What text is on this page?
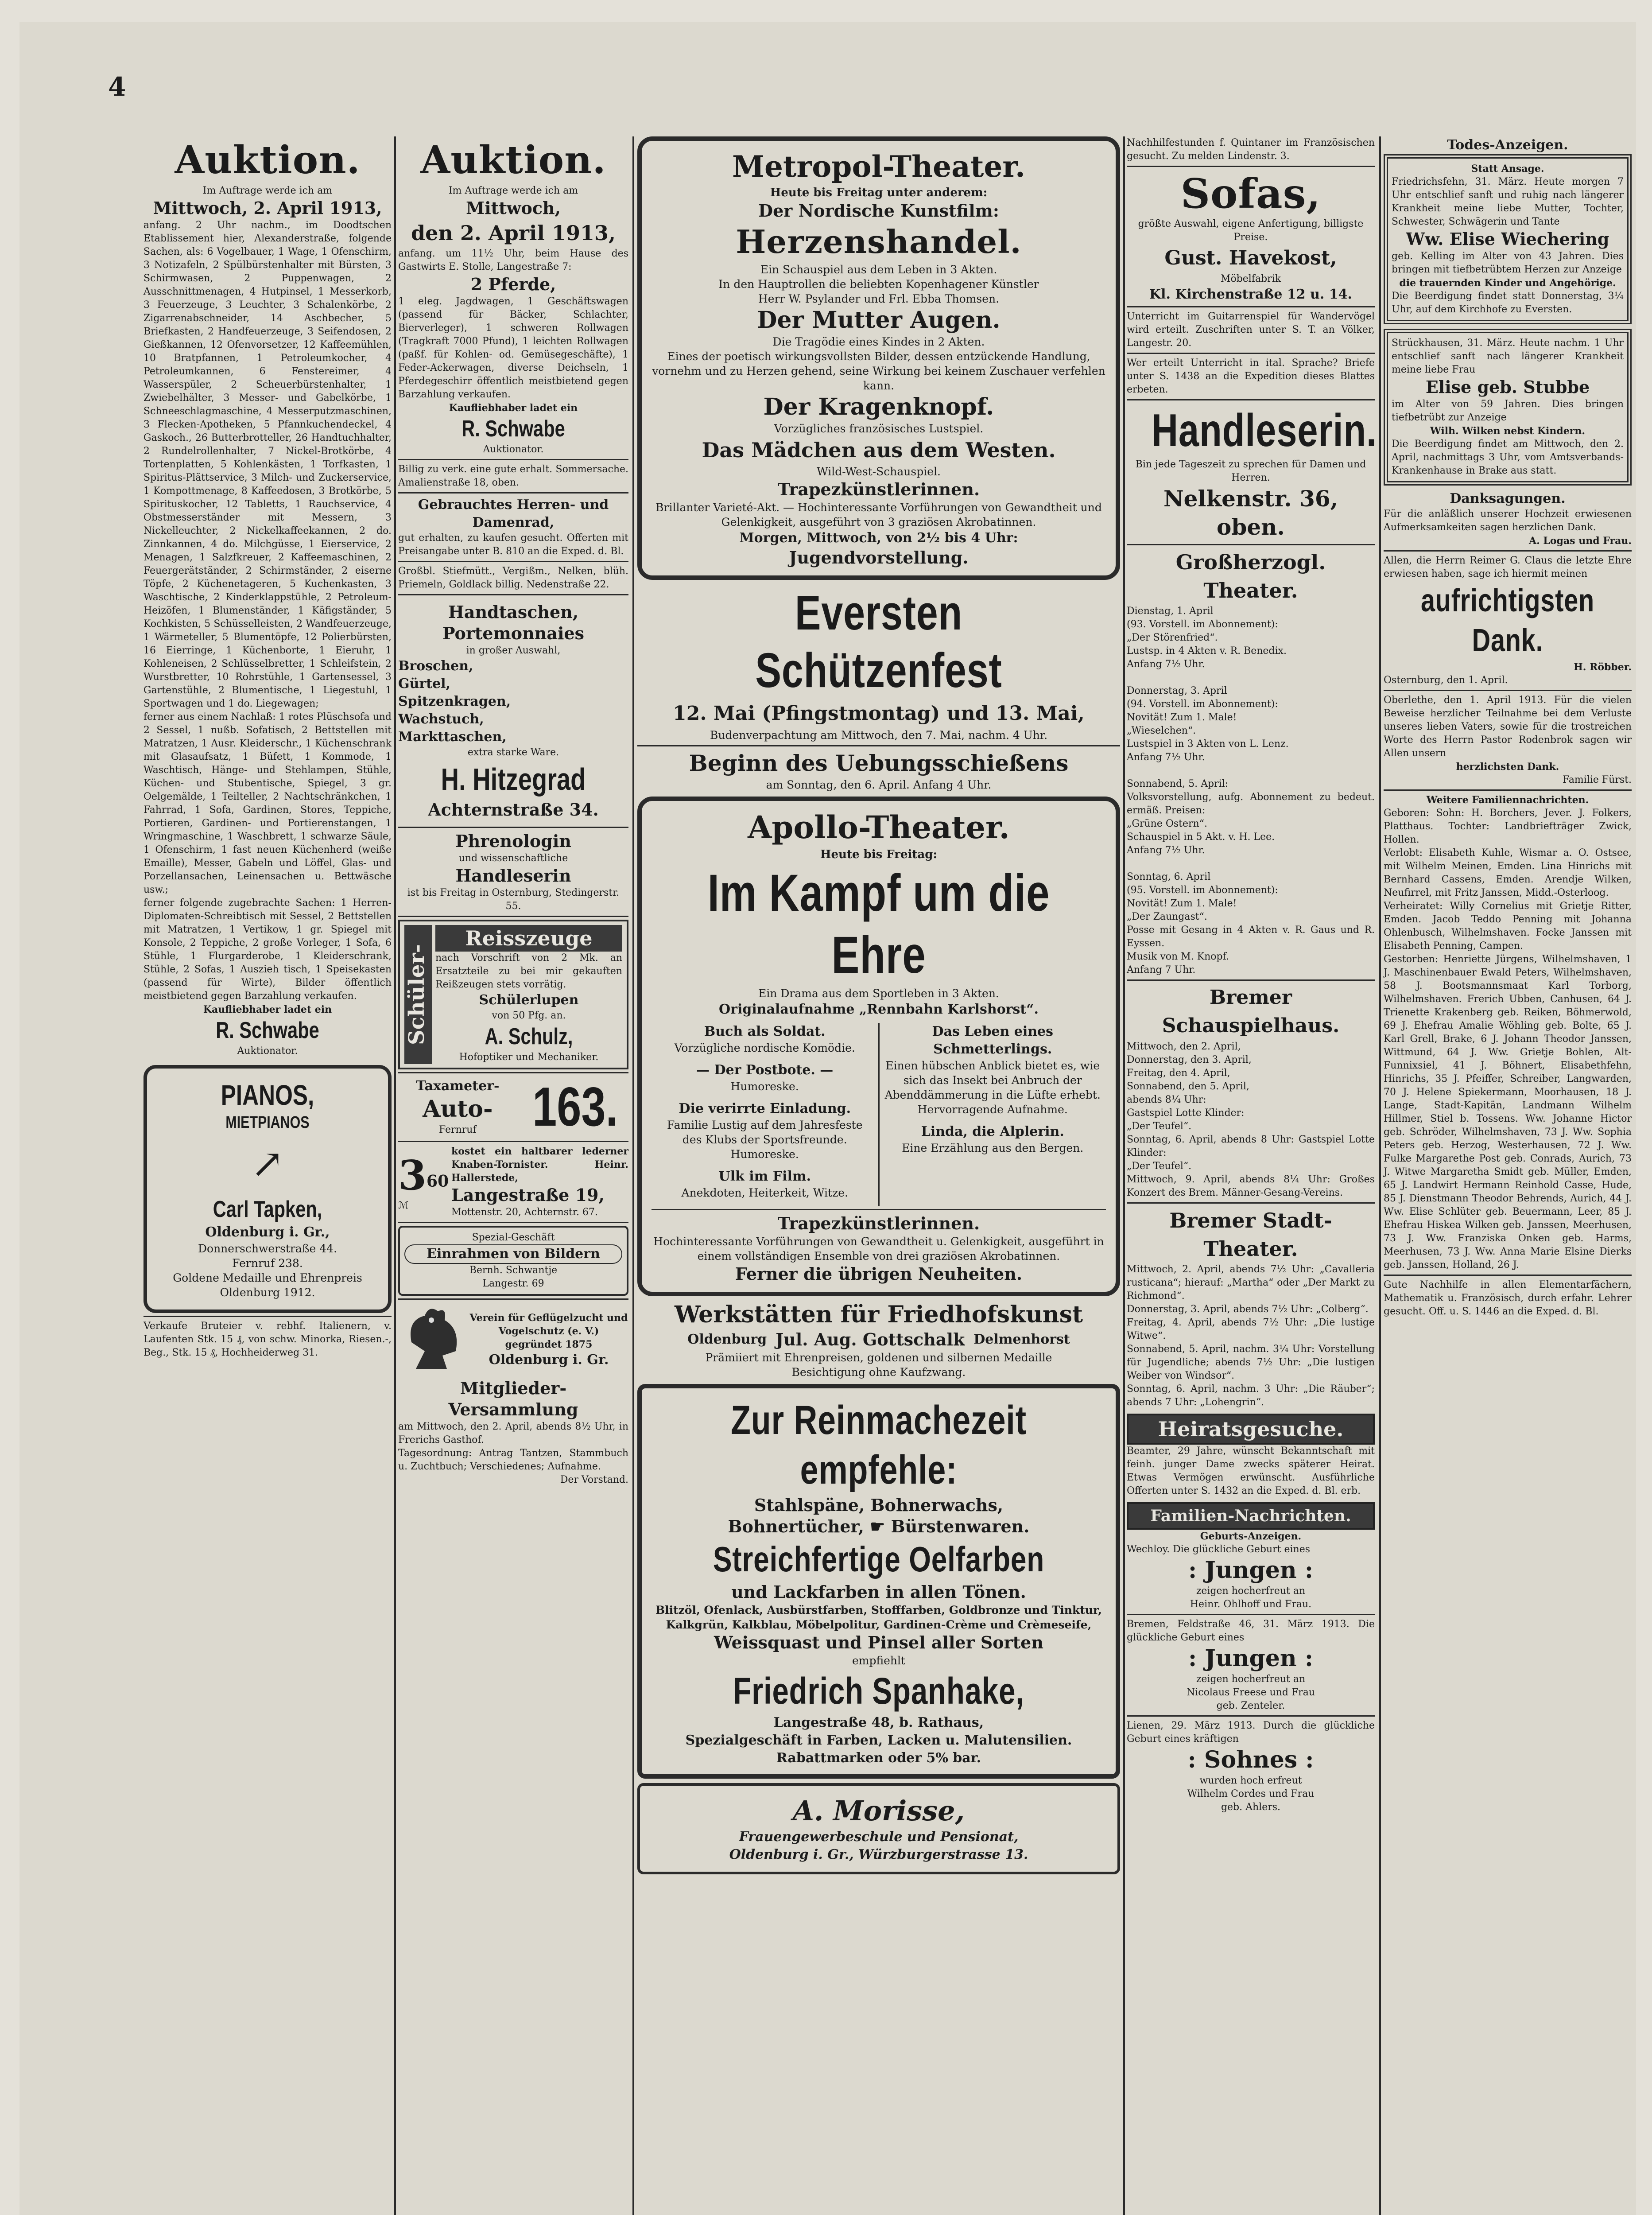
4
Auktion.
Im Auftrage werde ich am
Mittwoch, 2. April 1913,
anfang. 2 Uhr nachm., im Doodtschen Etablissement hier, Alexanderstraße, folgende Sachen, als: 6 Vogelbauer, 1 Wage, 1 Ofenschirm, 3 Notizafeln, 2 Spülbürstenhalter mit Bürsten, 3 Schirmwasen, 2 Puppenwagen, 2 Ausschnittmenagen, 4 Hutpinsel, 1 Messerkorb, 3 Feuerzeuge, 3 Leuchter, 3 Schalenkörbe, 2 Zigarrenabschneider, 14 Aschbecher, 5 Briefkasten, 2 Handfeuerzeuge, 3 Seifendosen, 2 Gießkannen, 12 Ofenvorsetzer, 12 Kaffeemühlen, 10 Bratpfannen, 1 Petroleumkocher, 4 Petroleumkannen, 6 Fenstereimer, 4 Wasserspüler, 2 Scheuerbürstenhalter, 1 Zwiebelhälter, 3 Messer- und Gabelkörbe, 1 Schneeschlagmaschine, 4 Messerputzmaschinen, 3 Flecken-Apotheken, 5 Pfannkuchendeckel, 4 Gaskoch., 26 Butterbrotteller, 26 Handtuchhalter, 2 Rundelrollenhalter, 7 Nickel-Brotkörbe, 4 Tortenplatten, 5 Kohlenkästen, 1 Torfkasten, 1 Spiritus-Plättservice, 3 Milch- und Zuckerservice, 1 Kompottmenage, 8 Kaffeedosen, 3 Brotkörbe, 5 Spirituskocher, 12 Tabletts, 1 Rauchservice, 4 Obstmesserständer mit Messern, 3 Nickelleuchter, 2 Nickelkaffeekannen, 2 do. Zinnkannen, 4 do. Milchgüsse, 1 Eierservice, 2 Menagen, 1 Salzfkreuer, 2 Kaffeemaschinen, 2 Feuergerätständer, 2 Schirmständer, 2 eiserne Töpfe, 2 Küchenetageren, 5 Kuchenkasten, 3 Waschtische, 2 Kinderklappstühle, 2 Petroleum-Heizöfen, 1 Blumenständer, 1 Käfigständer, 5 Kochkisten, 5 Schüsselleisten, 2 Wandfeuerzeuge, 1 Wärmeteller, 5 Blumentöpfe, 12 Polierbürsten, 16 Eierringe, 1 Küchenborte, 1 Eieruhr, 1 Kohleneisen, 2 Schlüsselbretter, 1 Schleifstein, 2 Wurstbretter, 10 Rohrstühle, 1 Gartensessel, 3 Gartenstühle, 2 Blumentische, 1 Liegestuhl, 1 Sportwagen und 1 do. Liegewagen;
ferner aus einem Nachlaß: 1 rotes Plüschsofa und 2 Sessel, 1 nußb. Sofatisch, 2 Bettstellen mit Matratzen, 1 Ausr. Kleiderschr., 1 Küchenschrank mit Glasaufsatz, 1 Büfett, 1 Kommode, 1 Waschtisch, Hänge- und Stehlampen, Stühle, Küchen- und Stubentische, Spiegel, 3 gr. Oelgemälde, 1 Teilteller, 2 Nachtschränkchen, 1 Fahrrad, 1 Sofa, Gardinen, Stores, Teppiche, Portieren, Gardinen- und Portierenstangen, 1 Wringmaschine, 1 Waschbrett, 1 schwarze Säule, 1 Ofenschirm, 1 fast neuen Küchenherd (weiße Emaille), Messer, Gabeln und Löffel, Glas- und Porzellansachen, Leinensachen u. Bettwäsche usw.;
ferner folgende zugebrachte Sachen: 1 Herren-Diplomaten-Schreibtisch mit Sessel, 2 Bettstellen mit Matratzen, 1 Vertikow, 1 gr. Spiegel mit Konsole, 2 Teppiche, 2 große Vorleger, 1 Sofa, 6 Stühle, 1 Flurgarderobe, 1 Kleiderschrank, Stühle, 2 Sofas, 1 Auszieh tisch, 1 Speisekasten (passend für Wirte), Bilder öffentlich meistbietend gegen Barzahlung verkaufen.
Kaufliebhaber ladet ein
R. Schwabe
Auktionator.
PIANOS,
MIETPIANOS
↗
Carl Tapken,
Oldenburg i. Gr.,
Donnerschwerstraße 44.
Fernruf 238.
Goldene Medaille und Ehrenpreis
Oldenburg 1912.
Verkaufe Bruteier v. rebhf. Italienern, v. Laufenten Stk. 15 ₰, von schw. Minorka, Riesen.-, Beg., Stk. 15 ₰, Hochheiderweg 31.
Auktion.
Im Auftrage werde ich am
Mittwoch,
den 2. April 1913,
anfang. um 11½ Uhr, beim Hause des Gastwirts E. Stolle, Langestraße 7:
2 Pferde,
1 eleg. Jagdwagen, 1 Geschäftswagen (passend für Bäcker, Schlachter, Bierverleger), 1 schweren Rollwagen (Tragkraft 7000 Pfund), 1 leichten Rollwagen (paßf. für Kohlen- od. Gemüsegeschäfte), 1 Feder-Ackerwagen, diverse Deichseln, 1 Pferdegeschirr öffentlich meistbietend gegen Barzahlung verkaufen.
Kaufliebhaber ladet ein
R. Schwabe
Auktionator.
Billig zu verk. eine gute erhalt. Sommersache. Amalienstraße 18, oben.
Gebrauchtes Herren- und Damenrad,
gut erhalten, zu kaufen gesucht. Offerten mit Preisangabe unter B. 810 an die Exped. d. Bl.
Großbl. Stiefmütt., Vergißm., Nelken, blüh. Priemeln, Goldlack billig. Nedenstraße 22.
Handtaschen,
Portemonnaies
in großer Auswahl,
Broschen,
Gürtel,
Spitzenkragen,
Wachstuch,
Markttaschen,
extra starke Ware.
H. Hitzegrad
Achternstraße 34.
Phrenologin
und wissenschaftliche
Handleserin
ist bis Freitag in Osternburg, Stedingerstr. 55.
Schüler-
Reisszeuge
nach Vorschrift von 2 Mk. an Ersatzteile zu bei mir gekauften Reißzeugen stets vorrätig.
Schülerlupen
von 50 Pfg. an.
A. Schulz,
Hofoptiker und Mechaniker.
Taxameter-
Auto-
Fernruf	163.
$3^{60}$
ℳ
kostet ein haltbarer lederner Knaben-Tornister. Heinr. Hallerstede,
Langestraße 19,
Mottenstr. 20, Achternstr. 67.
Spezial-Geschäft
Einrahmen von Bildern
Bernh. Schwantje
Langestr. 69
Verein für Geflügelzucht und Vogelschutz (e. V.) gegründet 1875
Oldenburg i. Gr.
Mitglieder-Versammlung
am Mittwoch, den 2. April, abends 8½ Uhr, in Frerichs Gasthof.
Tagesordnung: Antrag Tantzen, Stammbuch u. Zuchtbuch; Verschiedenes; Aufnahme.
Der Vorstand.
Metropol-Theater.
Heute bis Freitag unter anderem:
Der Nordische Kunstfilm:
Herzenshandel.
Ein Schauspiel aus dem Leben in 3 Akten.
In den Hauptrollen die beliebten Kopenhagener Künstler
Herr W. Psylander und Frl. Ebba Thomsen.
Der Mutter Augen.
Die Tragödie eines Kindes in 2 Akten.
Eines der poetisch wirkungsvollsten Bilder, dessen entzückende Handlung, vornehm und zu Herzen gehend, seine Wirkung bei keinem Zuschauer verfehlen kann.
Der Kragenknopf.
Vorzügliches französisches Lustspiel.
Das Mädchen aus dem Westen.
Wild-West-Schauspiel.
Trapezkünstlerinnen.
Brillanter Varieté-Akt. — Hochinteressante Vorführungen von Gewandtheit und Gelenkigkeit, ausgeführt von 3 graziösen Akrobatinnen.
Morgen, Mittwoch, von 2½ bis 4 Uhr:
Jugendvorstellung.
Eversten Schützenfest
12. Mai (Pfingstmontag) und 13. Mai,
Budenverpachtung am Mittwoch, den 7. Mai, nachm. 4 Uhr.
Beginn des Uebungsschießens
am Sonntag, den 6. April. Anfang 4 Uhr.
Apollo-Theater.
Heute bis Freitag:
Im Kampf um die Ehre
Ein Drama aus dem Sportleben in 3 Akten.
Originalaufnahme „Rennbahn Karlshorst“.
Buch als Soldat.
Vorzügliche nordische Komödie.
— Der Postbote. —
Humoreske.
Die verirrte Einladung.
Familie Lustig auf dem Jahresfeste des Klubs der Sportsfreunde. Humoreske.
Ulk im Film.
Anekdoten, Heiterkeit, Witze.
Das Leben eines Schmetterlings.
Einen hübschen Anblick bietet es, wie sich das Insekt bei Anbruch der Abenddämmerung in die Lüfte erhebt. Hervorragende Aufnahme.
Linda, die Alplerin.
Eine Erzählung aus den Bergen.
Trapezkünstlerinnen.
Hochinteressante Vorführungen von Gewandtheit u. Gelenkigkeit, ausgeführt in einem vollständigen Ensemble von drei graziösen Akrobatinnen.
Ferner die übrigen Neuheiten.
Werkstätten für Friedhofskunst
Oldenburg Jul. Aug. Gottschalk Delmenhorst
Prämiiert mit Ehrenpreisen, goldenen und silbernen Medaille
Besichtigung ohne Kaufzwang.
Zur Reinmachezeit empfehle:
Stahlspäne, Bohnerwachs,
Bohnertücher, ☛ Bürstenwaren.
Streichfertige Oelfarben
und Lackfarben in allen Tönen.
Blitzöl, Ofenlack, Ausbürstfarben, Stofffarben, Goldbronze und Tinktur, Kalkgrün, Kalkblau, Möbelpolitur, Gardinen-Crème und Crèmeseife,
Weissquast und Pinsel aller Sorten
empfiehlt
Friedrich Spanhake,
Langestraße 48, b. Rathaus,
Spezialgeschäft in Farben, Lacken u. Malutensilien.
Rabattmarken oder 5% bar.
A. Morisse,
Frauengewerbeschule und Pensionat,
Oldenburg i. Gr., Würzburgerstrasse 13.
Nachhilfestunden f. Quintaner im Französischen gesucht. Zu melden Lindenstr. 3.
Sofas,
größte Auswahl, eigene Anfertigung, billigste Preise.
Gust. Havekost,
Möbelfabrik
Kl. Kirchenstraße 12 u. 14.
Unterricht im Guitarrenspiel für Wandervögel wird erteilt. Zuschriften unter S. T. an Völker, Langestr. 20.
Wer erteilt Unterricht in ital. Sprache? Briefe unter S. 1438 an die Expedition dieses Blattes erbeten.
Handleserin.
Bin jede Tageszeit zu sprechen für Damen und Herren.
Nelkenstr. 36, oben.
Großherzogl. Theater.
Dienstag, 1. April
(93. Vorstell. im Abonnement):
„Der Störenfried“.
Lustsp. in 4 Akten v. R. Benedix.
Anfang 7½ Uhr.

Donnerstag, 3. April
(94. Vorstell. im Abonnement):
Novität! Zum 1. Male!
„Wieselchen“.
Lustspiel in 3 Akten von L. Lenz.
Anfang 7½ Uhr.

Sonnabend, 5. April:
Volksvorstellung, aufg. Abonnement zu bedeut. ermäß. Preisen:
„Grüne Ostern“.
Schauspiel in 5 Akt. v. H. Lee.
Anfang 7½ Uhr.

Sonntag, 6. April
(95. Vorstell. im Abonnement):
Novität! Zum 1. Male!
„Der Zaungast“.
Posse mit Gesang in 4 Akten v. R. Gaus und R. Eyssen.
Musik von M. Knopf.
Anfang 7 Uhr.
Bremer Schauspielhaus.
Mittwoch, den 2. April,
Donnerstag, den 3. April,
Freitag, den 4. April,
Sonnabend, den 5. April,
abends 8¼ Uhr:
Gastspiel Lotte Klinder:
„Der Teufel“.
Sonntag, 6. April, abends 8 Uhr: Gastspiel Lotte Klinder:
„Der Teufel“.
Mittwoch, 9. April, abends 8¼ Uhr: Großes Konzert des Brem. Männer-Gesang-Vereins.
Bremer Stadt-Theater.
Mittwoch, 2. April, abends 7½ Uhr: „Cavalleria rusticana“; hierauf: „Martha“ oder „Der Markt zu Richmond“.
Donnerstag, 3. April, abends 7½ Uhr: „Colberg“.
Freitag, 4. April, abends 7½ Uhr: „Die lustige Witwe“.
Sonnabend, 5. April, nachm. 3¼ Uhr: Vorstellung für Jugendliche; abends 7½ Uhr: „Die lustigen Weiber von Windsor“.
Sonntag, 6. April, nachm. 3 Uhr: „Die Räuber“; abends 7 Uhr: „Lohengrin“.
Heiratsgesuche.
Beamter, 29 Jahre, wünscht Bekanntschaft mit feinh. junger Dame zwecks späterer Heirat. Etwas Vermögen erwünscht. Ausführliche Offerten unter S. 1432 an die Exped. d. Bl. erb.
Familien-Nachrichten.
Geburts-Anzeigen.
Wechloy. Die glückliche Geburt eines
: Jungen :
zeigen hocherfreut an
Heinr. Ohlhoff und Frau.
Bremen, Feldstraße 46, 31. März 1913. Die glückliche Geburt eines
: Jungen :
zeigen hocherfreut an
Nicolaus Freese und Frau
geb. Zenteler.
Lienen, 29. März 1913. Durch die glückliche Geburt eines kräftigen
: Sohnes :
wurden hoch erfreut
Wilhelm Cordes und Frau
geb. Ahlers.
Todes-Anzeigen.
Statt Ansage.
Friedrichsfehn, 31. März. Heute morgen 7 Uhr entschlief sanft und ruhig nach längerer Krankheit meine liebe Mutter, Tochter, Schwester, Schwägerin und Tante
Ww. Elise Wiechering
geb. Kelling im Alter von 43 Jahren. Dies bringen mit tiefbetrübtem Herzen zur Anzeige
die trauernden Kinder und Angehörige.
Die Beerdigung findet statt Donnerstag, 3¼ Uhr, auf dem Kirchhofe zu Eversten.
Strückhausen, 31. März. Heute nachm. 1 Uhr entschlief sanft nach längerer Krankheit meine liebe Frau
Elise geb. Stubbe
im Alter von 59 Jahren. Dies bringen tiefbetrübt zur Anzeige
Wilh. Wilken nebst Kindern.
Die Beerdigung findet am Mittwoch, den 2. April, nachmittags 3 Uhr, vom Amtsverbands-Krankenhause in Brake aus statt.
Danksagungen.
Für die anläßlich unserer Hochzeit erwiesenen Aufmerksamkeiten sagen herzlichen Dank.
A. Logas und Frau.
Allen, die Herrn Reimer G. Claus die letzte Ehre erwiesen haben, sage ich hiermit meinen
aufrichtigsten Dank.
H. Röbber.
Osternburg, den 1. April.
Oberlethe, den 1. April 1913. Für die vielen Beweise herzlicher Teilnahme bei dem Verluste unseres lieben Vaters, sowie für die trostreichen Worte des Herrn Pastor Rodenbrok sagen wir Allen unsern
herzlichsten Dank.
Familie Fürst.
Weitere Familiennachrichten.
Geboren: Sohn: H. Borchers, Jever. J. Folkers, Platthaus. Tochter: Landbriefträger Zwick, Hollen.
Verlobt: Elisabeth Kuhle, Wismar a. O. Ostsee, mit Wilhelm Meinen, Emden. Lina Hinrichs mit Bernhard Cassens, Emden. Arendje Wilken, Neufirrel, mit Fritz Janssen, Midd.-Osterloog.
Verheiratet: Willy Cornelius mit Grietje Ritter, Emden. Jacob Teddo Penning mit Johanna Ohlenbusch, Wilhelmshaven. Focke Janssen mit Elisabeth Penning, Campen.
Gestorben: Henriette Jürgens, Wilhelmshaven, 1 J. Maschinenbauer Ewald Peters, Wilhelmshaven, 58 J. Bootsmannsmaat Karl Torborg, Wilhelmshaven. Frerich Ubben, Canhusen, 64 J. Trienette Krakenberg geb. Reiken, Böhmerwold, 69 J. Ehefrau Amalie Wöhling geb. Bolte, 65 J. Karl Grell, Brake, 6 J. Johann Theodor Janssen, Wittmund, 64 J. Ww. Grietje Bohlen, Alt-Funnixsiel, 41 J. Böhnert, Elisabethfehn, Hinrichs, 35 J. Pfeiffer, Schreiber, Langwarden, 70 J. Helene Spiekermann, Moorhausen, 18 J. Lange, Stadt-Kapitän, Landmann Wilhelm Hillmer, Stiel b. Tossens. Ww. Johanne Hictor geb. Schröder, Wilhelmshaven, 73 J. Ww. Sophia Peters geb. Herzog, Westerhausen, 72 J. Ww. Fulke Margarethe Post geb. Conrads, Aurich, 73 J. Witwe Margaretha Smidt geb. Müller, Emden, 65 J. Landwirt Hermann Reinhold Casse, Hude, 85 J. Dienstmann Theodor Behrends, Aurich, 44 J. Ww. Elise Schlüter geb. Beuermann, Leer, 85 J. Ehefrau Hiskea Wilken geb. Janssen, Meerhusen, 73 J. Ww. Franziska Onken geb. Harms, Meerhusen, 73 J. Ww. Anna Marie Elsine Dierks geb. Janssen, Holland, 26 J.
Gute Nachhilfe in allen Elementarfächern, Mathematik u. Französisch, durch erfahr. Lehrer gesucht. Off. u. S. 1446 an die Exped. d. Bl.
